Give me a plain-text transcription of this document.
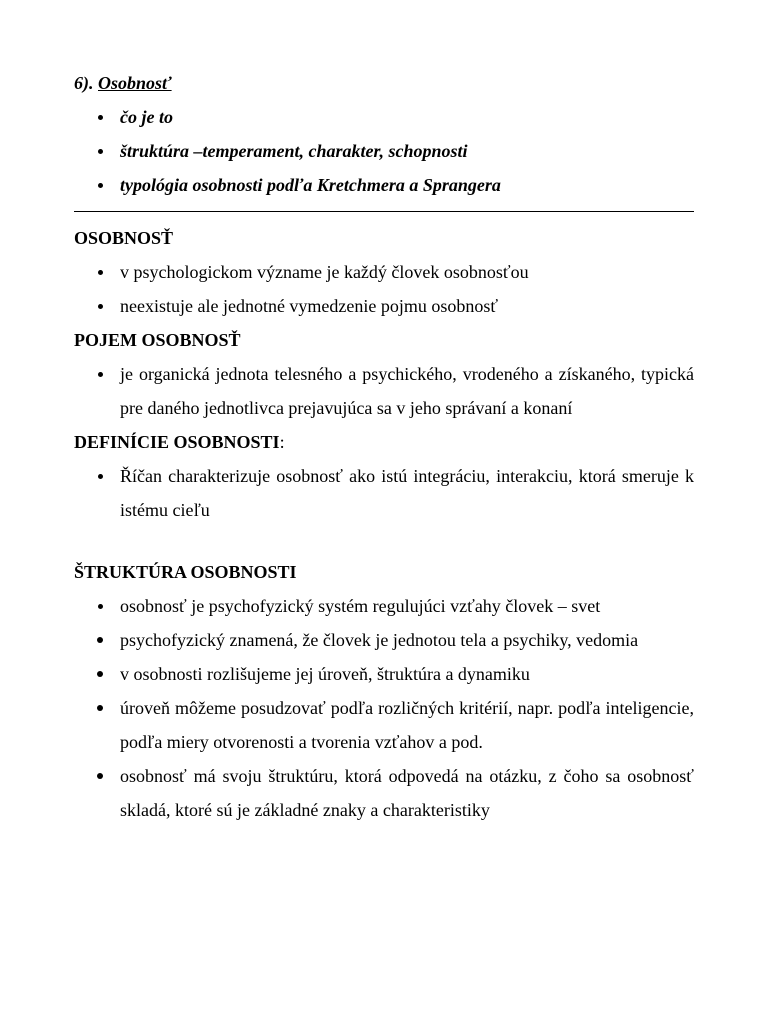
6). Osobnosť
čo je to
štruktúra –temperament, charakter, schopnosti
typológia osobnosti podľa Kretchmera a Sprangera
OSOBNOSŤ
v psychologickom význame je každý človek osobnosťou
neexistuje ale jednotné vymedzenie pojmu osobnosť
POJEM OSOBNOSŤ
je organická jednota telesného a psychického, vrodeného a získaného, typická pre daného jednotlivca prejavujúca sa v jeho správaní a konaní
DEFINÍCIE OSOBNOSTI:
Říčan charakterizuje osobnosť ako istú integráciu, interakciu, ktorá smeruje k istému cieľu
ŠTRUKTÚRA OSOBNOSTI
osobnosť je psychofyzický systém regulujúci vzťahy človek – svet
psychofyzický znamená, že človek je jednotou tela a psychiky, vedomia
v osobnosti rozlišujeme jej úroveň, štruktúra a dynamiku
úroveň môžeme posudzovať podľa rozličných kritérií, napr. podľa inteligencie, podľa miery otvorenosti a tvorenia vzťahov a pod.
osobnosť má svoju štruktúru, ktorá odpovedá na otázku, z čoho sa osobnosť skladá, ktoré sú je základné znaky a charakteristiky
